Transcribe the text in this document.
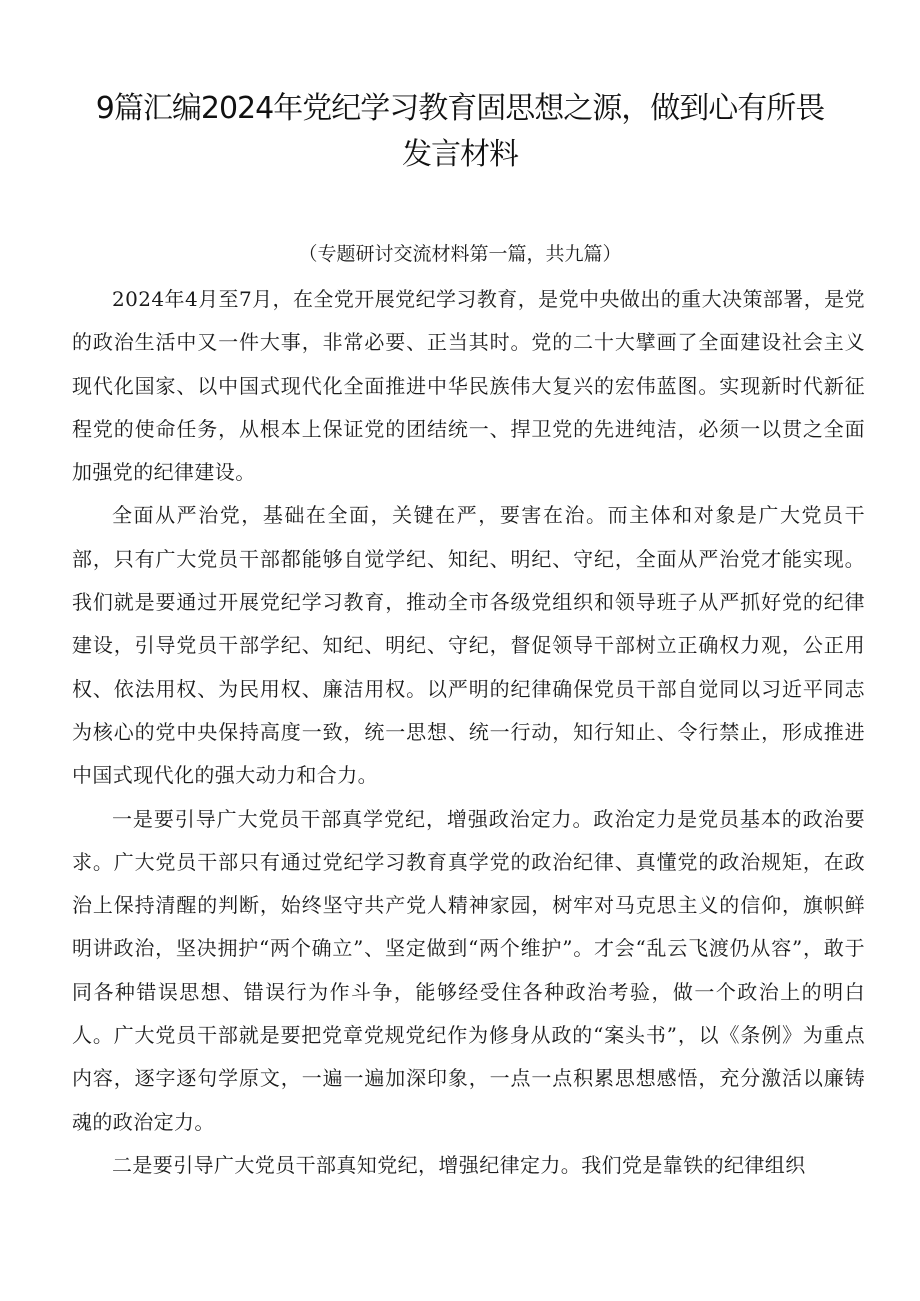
9篇汇编2024年党纪学习教育固思想之源，做到心有所畏发言材料

（专题研讨交流材料第一篇，共九篇）

2024年4月至7月，在全党开展党纪学习教育，是党中央做出的重大决策部署，是党的政治生活中又一件大事，非常必要、正当其时。党的二十大擘画了全面建设社会主义现代化国家、以中国式现代化全面推进中华民族伟大复兴的宏伟蓝图。实现新时代新征程党的使命任务，从根本上保证党的团结统一、捍卫党的先进纯洁，必须一以贯之全面加强党的纪律建设。

全面从严治党，基础在全面，关键在严，要害在治。而主体和对象是广大党员干部，只有广大党员干部都能够自觉学纪、知纪、明纪、守纪，全面从严治党才能实现。我们就是要通过开展党纪学习教育，推动全市各级党组织和领导班子从严抓好党的纪律建设，引导党员干部学纪、知纪、明纪、守纪，督促领导干部树立正确权力观，公正用权、依法用权、为民用权、廉洁用权。以严明的纪律确保党员干部自觉同以习近平同志为核心的党中央保持高度一致，统一思想、统一行动，知行知止、令行禁止，形成推进中国式现代化的强大动力和合力。

一是要引导广大党员干部真学党纪，增强政治定力。政治定力是党员基本的政治要求。广大党员干部只有通过党纪学习教育真学党的政治纪律、真懂党的政治规矩，在政治上保持清醒的判断，始终坚守共产党人精神家园，树牢对马克思主义的信仰，旗帜鲜明讲政治，坚决拥护“两个确立”、坚定做到“两个维护”。才会“乱云飞渡仍从容”，敢于同各种错误思想、错误行为作斗争，能够经受住各种政治考验，做一个政治上的明白人。广大党员干部就是要把党章党规党纪作为修身从政的“案头书”，以《条例》为重点内容，逐字逐句学原文，一遍一遍加深印象，一点一点积累思想感悟，充分激活以廉铸魂的政治定力。

二是要引导广大党员干部真知党纪，增强纪律定力。我们党是靠铁的纪律组织
